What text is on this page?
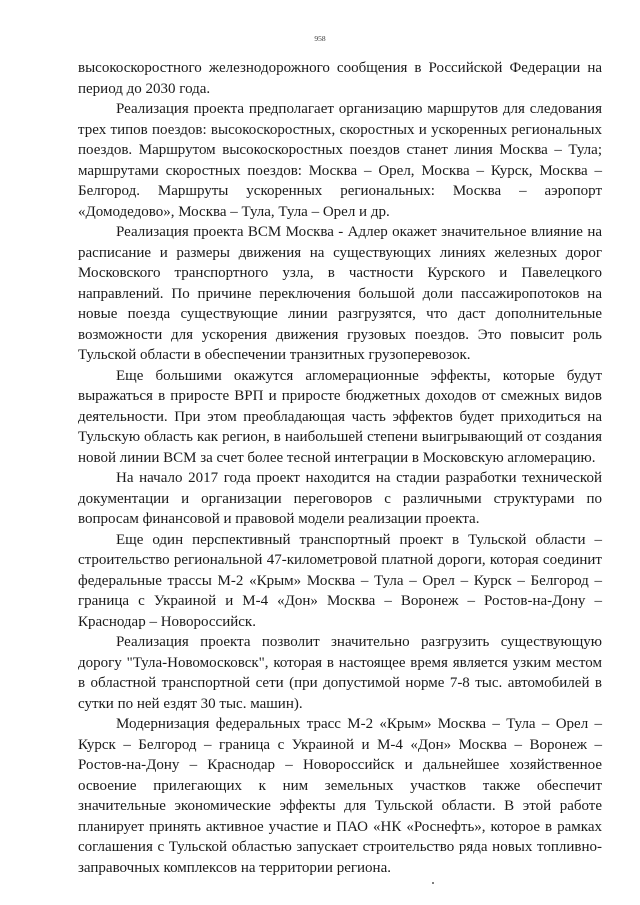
958

высокоскоростного железнодорожного сообщения в Российской Федерации на период до 2030 года.

Реализация проекта предполагает организацию маршрутов для следования трех типов поездов: высокоскоростных, скоростных и ускоренных региональных поездов. Маршрутом высокоскоростных поездов станет линия Москва – Тула; маршрутами скоростных поездов: Москва – Орел, Москва – Курск, Москва – Белгород. Маршруты ускоренных региональных: Москва – аэропорт «Домодедово», Москва – Тула, Тула – Орел и др.

Реализация проекта ВСМ Москва - Адлер окажет значительное влияние на расписание и размеры движения на существующих линиях железных дорог Московского транспортного узла, в частности Курского и Павелецкого направлений. По причине переключения большой доли пассажиропотоков на новые поезда существующие линии разгрузятся, что даст дополнительные возможности для ускорения движения грузовых поездов. Это повысит роль Тульской области в обеспечении транзитных грузоперевозок.

Еще большими окажутся агломерационные эффекты, которые будут выражаться в приросте ВРП и приросте бюджетных доходов от смежных видов деятельности. При этом преобладающая часть эффектов будет приходиться на Тульскую область как регион, в наибольшей степени выигрывающий от создания новой линии ВСМ за счет более тесной интеграции в Московскую агломерацию.

На начало 2017 года проект находится на стадии разработки технической документации и организации переговоров с различными структурами по вопросам финансовой и правовой модели реализации проекта.

Еще один перспективный транспортный проект в Тульской области – строительство региональной 47-километровой платной дороги, которая соединит федеральные трассы М-2 «Крым» Москва – Тула – Орел – Курск – Белгород – граница с Украиной и М-4 «Дон» Москва – Воронеж – Ростов-на-Дону – Краснодар – Новороссийск.

Реализация проекта позволит значительно разгрузить существующую дорогу "Тула-Новомосковск", которая в настоящее время является узким местом в областной транспортной сети (при допустимой норме 7-8 тыс. автомобилей в сутки по ней ездят 30 тыс. машин).

Модернизация федеральных трасс М-2 «Крым» Москва – Тула – Орел – Курск – Белгород – граница с Украиной и М-4 «Дон» Москва – Воронеж – Ростов-на-Дону – Краснодар – Новороссийск и дальнейшее хозяйственное освоение прилегающих к ним земельных участков также обеспечит значительные экономические эффекты для Тульской области. В этой работе планирует принять активное участие и ПАО «НК «Роснефть», которое в рамках соглашения с Тульской областью запускает строительство ряда новых топливно-заправочных комплексов на территории региона.
